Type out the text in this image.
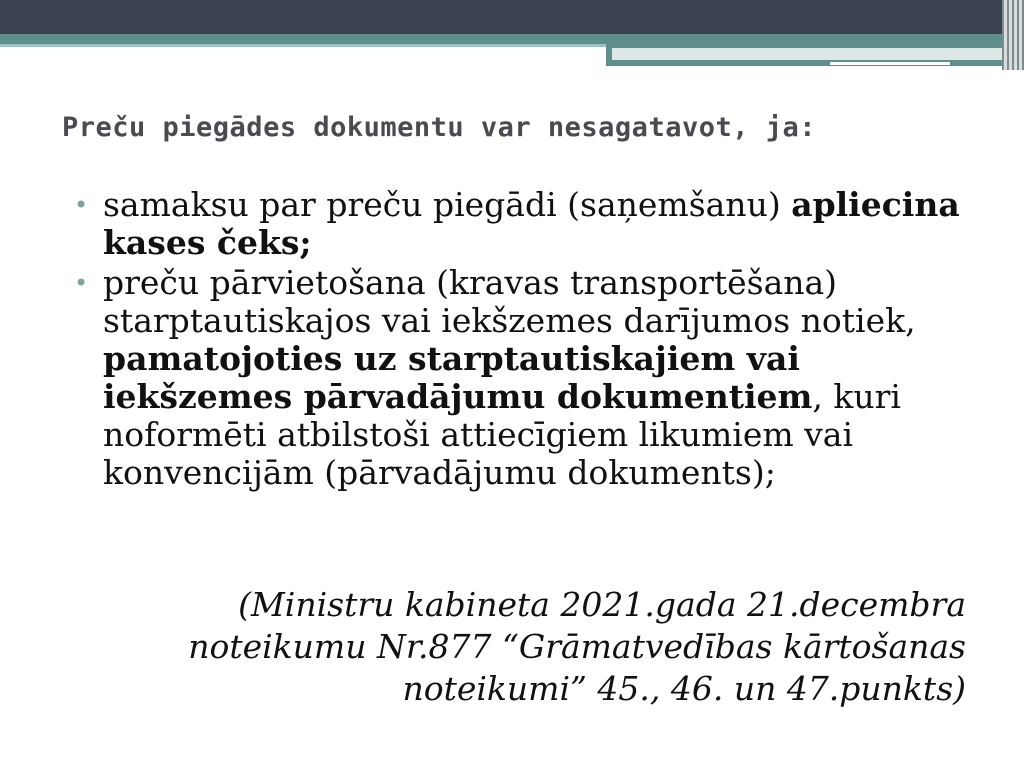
Preču piegādes dokumentu var nesagatavot, ja:
• samaksu par preču piegādi (saņemšanu) apliecina kases čeks;
• preču pārvietošana (kravas transportēšana) starptautiskajos vai iekšzemes darījumos notiek, pamatojoties uz starptautiskajiem vai iekšzemes pārvadājumu dokumentiem, kuri noformēti atbilstoši attiecīgiem likumiem vai konvencijām (pārvadājumu dokuments);

(Ministru kabineta 2021.gada 21.decembra noteikumu Nr.877 “Grāmatvedības kārtošanas noteikumi” 45., 46. un 47.punkts)
